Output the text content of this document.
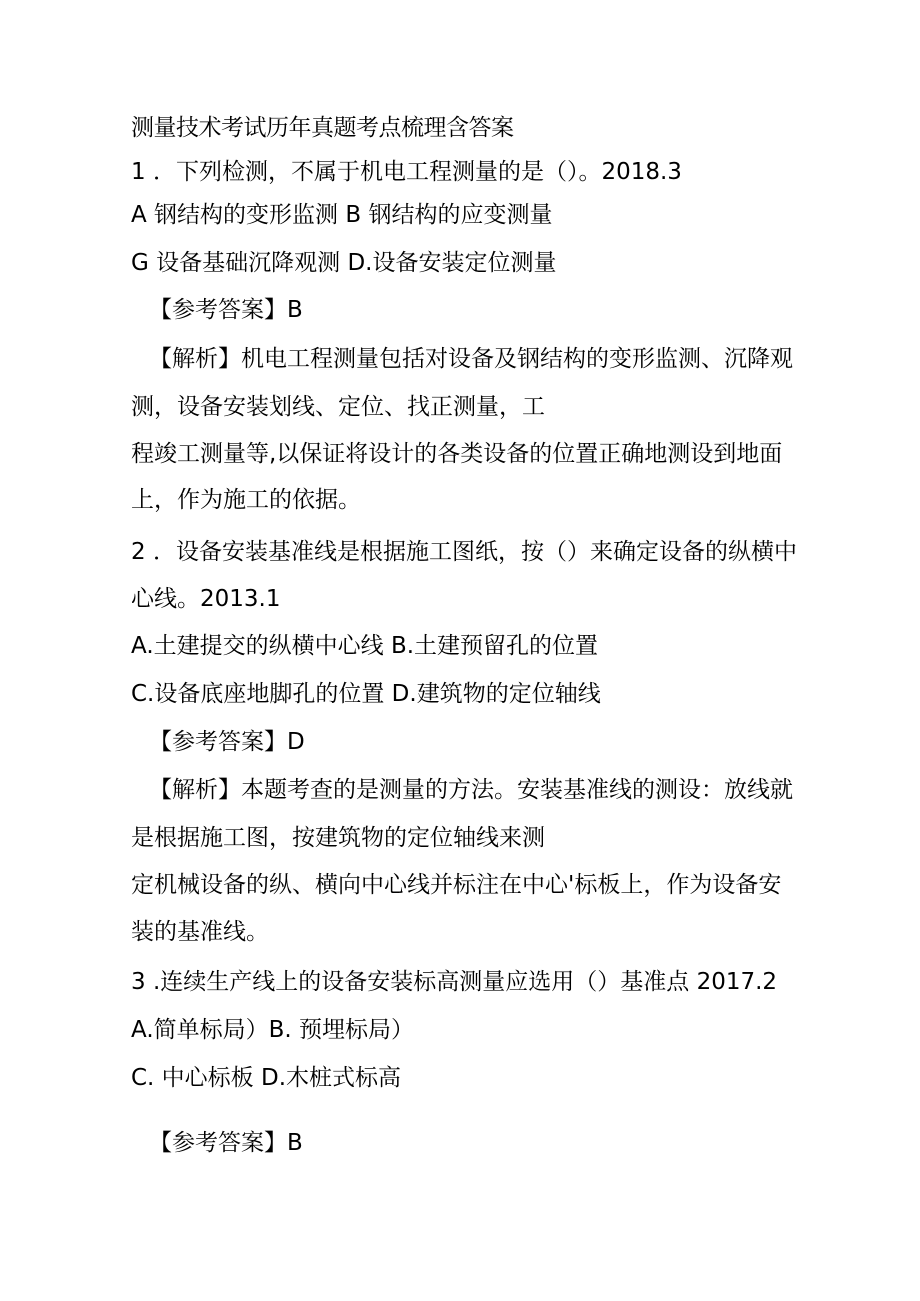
测量技术考试历年真题考点梳理含答案
1 ．下列检测，不属于机电工程测量的是（）。2018.3
A 钢结构的变形监测 B 钢结构的应变测量
G 设备基础沉降观测 D.设备安装定位测量
【参考答案】B
【解析】机电工程测量包括对设备及钢结构的变形监测、沉降观
测，设备安装划线、定位、找正测量，工
程竣工测量等,以保证将设计的各类设备的位置正确地测设到地面
上，作为施工的依据。
2 ．设备安装基准线是根据施工图纸，按（）来确定设备的纵横中
心线。2013.1
A.土建提交的纵横中心线 B.土建预留孔的位置
C.设备底座地脚孔的位置 D.建筑物的定位轴线
【参考答案】D
【解析】本题考查的是测量的方法。安装基准线的测设：放线就
是根据施工图，按建筑物的定位轴线来测
定机械设备的纵、横向中心线并标注在中心'标板上，作为设备安
装的基准线。
3 .连续生产线上的设备安装标高测量应选用（）基准点 2017.2
A.简单标局）B. 预埋标局）
C. 中心标板 D.木桩式标高
【参考答案】B
